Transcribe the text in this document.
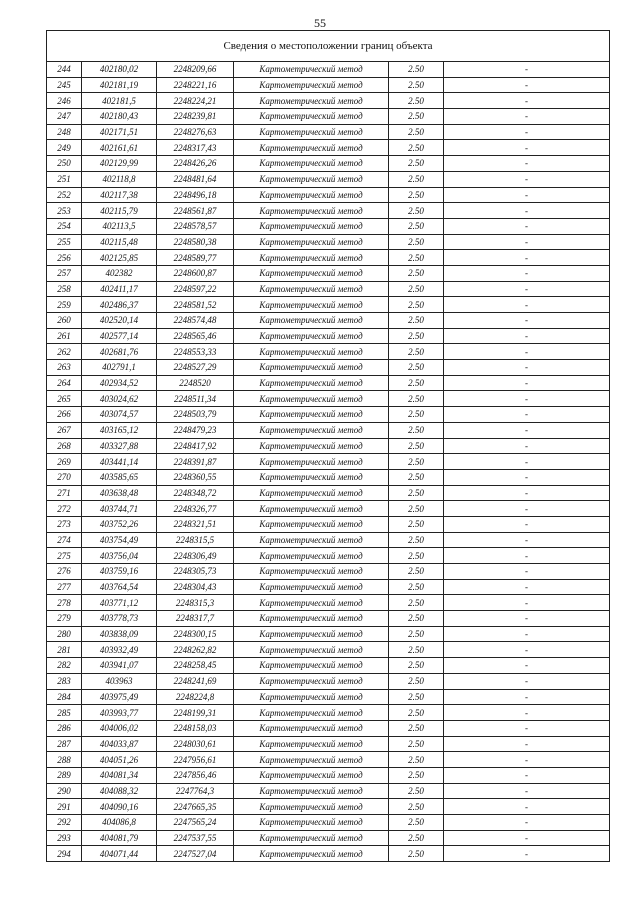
55
Сведения о местоположении границ объекта					
244	402180,02	2248209,66	Картометрический метод	2.50	-
245	402181,19	2248221,16	Картометрический метод	2.50	-
246	402181,5	2248224,21	Картометрический метод	2.50	-
247	402180,43	2248239,81	Картометрический метод	2.50	-
248	402171,51	2248276,63	Картометрический метод	2.50	-
249	402161,61	2248317,43	Картометрический метод	2.50	-
250	402129,99	2248426,26	Картометрический метод	2.50	-
251	402118,8	2248481,64	Картометрический метод	2.50	-
252	402117,38	2248496,18	Картометрический метод	2.50	-
253	402115,79	2248561,87	Картометрический метод	2.50	-
254	402113,5	2248578,57	Картометрический метод	2.50	-
255	402115,48	2248580,38	Картометрический метод	2.50	-
256	402125,85	2248589,77	Картометрический метод	2.50	-
257	402382	2248600,87	Картометрический метод	2.50	-
258	402411,17	2248597,22	Картометрический метод	2.50	-
259	402486,37	2248581,52	Картометрический метод	2.50	-
260	402520,14	2248574,48	Картометрический метод	2.50	-
261	402577,14	2248565,46	Картометрический метод	2.50	-
262	402681,76	2248553,33	Картометрический метод	2.50	-
263	402791,1	2248527,29	Картометрический метод	2.50	-
264	402934,52	2248520	Картометрический метод	2.50	-
265	403024,62	2248511,34	Картометрический метод	2.50	-
266	403074,57	2248503,79	Картометрический метод	2.50	-
267	403165,12	2248479,23	Картометрический метод	2.50	-
268	403327,88	2248417,92	Картометрический метод	2.50	-
269	403441,14	2248391,87	Картометрический метод	2.50	-
270	403585,65	2248360,55	Картометрический метод	2.50	-
271	403638,48	2248348,72	Картометрический метод	2.50	-
272	403744,71	2248326,77	Картометрический метод	2.50	-
273	403752,26	2248321,51	Картометрический метод	2.50	-
274	403754,49	2248315,5	Картометрический метод	2.50	-
275	403756,04	2248306,49	Картометрический метод	2.50	-
276	403759,16	2248305,73	Картометрический метод	2.50	-
277	403764,54	2248304,43	Картометрический метод	2.50	-
278	403771,12	2248315,3	Картометрический метод	2.50	-
279	403778,73	2248317,7	Картометрический метод	2.50	-
280	403838,09	2248300,15	Картометрический метод	2.50	-
281	403932,49	2248262,82	Картометрический метод	2.50	-
282	403941,07	2248258,45	Картометрический метод	2.50	-
283	403963	2248241,69	Картометрический метод	2.50	-
284	403975,49	2248224,8	Картометрический метод	2.50	-
285	403993,77	2248199,31	Картометрический метод	2.50	-
286	404006,02	2248158,03	Картометрический метод	2.50	-
287	404033,87	2248030,61	Картометрический метод	2.50	-
288	404051,26	2247956,61	Картометрический метод	2.50	-
289	404081,34	2247856,46	Картометрический метод	2.50	-
290	404088,32	2247764,3	Картометрический метод	2.50	-
291	404090,16	2247665,35	Картометрический метод	2.50	-
292	404086,8	2247565,24	Картометрический метод	2.50	-
293	404081,79	2247537,55	Картометрический метод	2.50	-
294	404071,44	2247527,04	Картометрический метод	2.50	-
